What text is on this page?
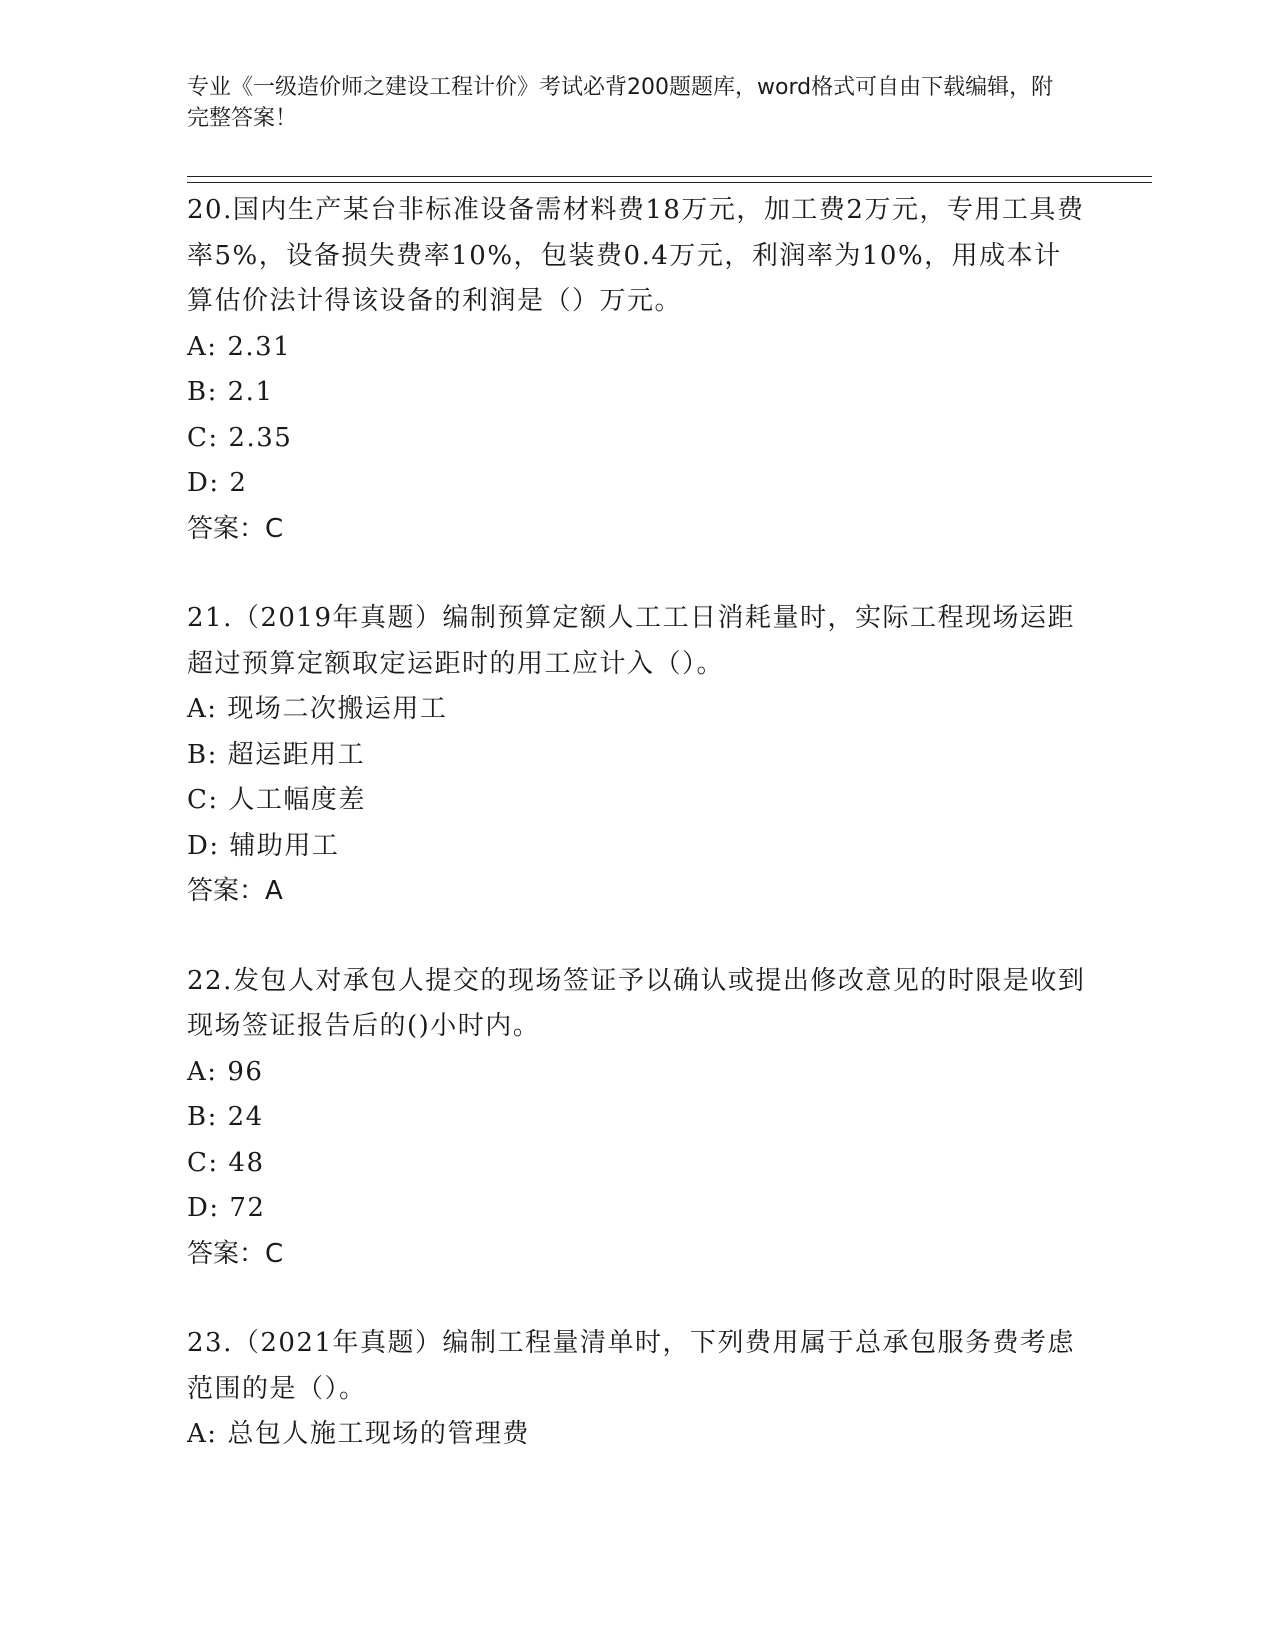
专业《一级造价师之建设工程计价》考试必背200题题库，word格式可自由下载编辑，附完整答案！
20.国内生产某台非标准设备需材料费18万元，加工费2万元，专用工具费率5%，设备损失费率10%，包装费0.4万元，利润率为10%，用成本计算估价法计得该设备的利润是（）万元。
A: 2.31
B: 2.1
C: 2.35
D: 2
答案：C
21.（2019年真题）编制预算定额人工工日消耗量时，实际工程现场运距超过预算定额取定运距时的用工应计入（）。
A: 现场二次搬运用工
B: 超运距用工
C: 人工幅度差
D: 辅助用工
答案：A
22.发包人对承包人提交的现场签证予以确认或提出修改意见的时限是收到现场签证报告后的()小时内。
A: 96
B: 24
C: 48
D: 72
答案：C
23.（2021年真题）编制工程量清单时，下列费用属于总承包服务费考虑范围的是（）。
A: 总包人施工现场的管理费
